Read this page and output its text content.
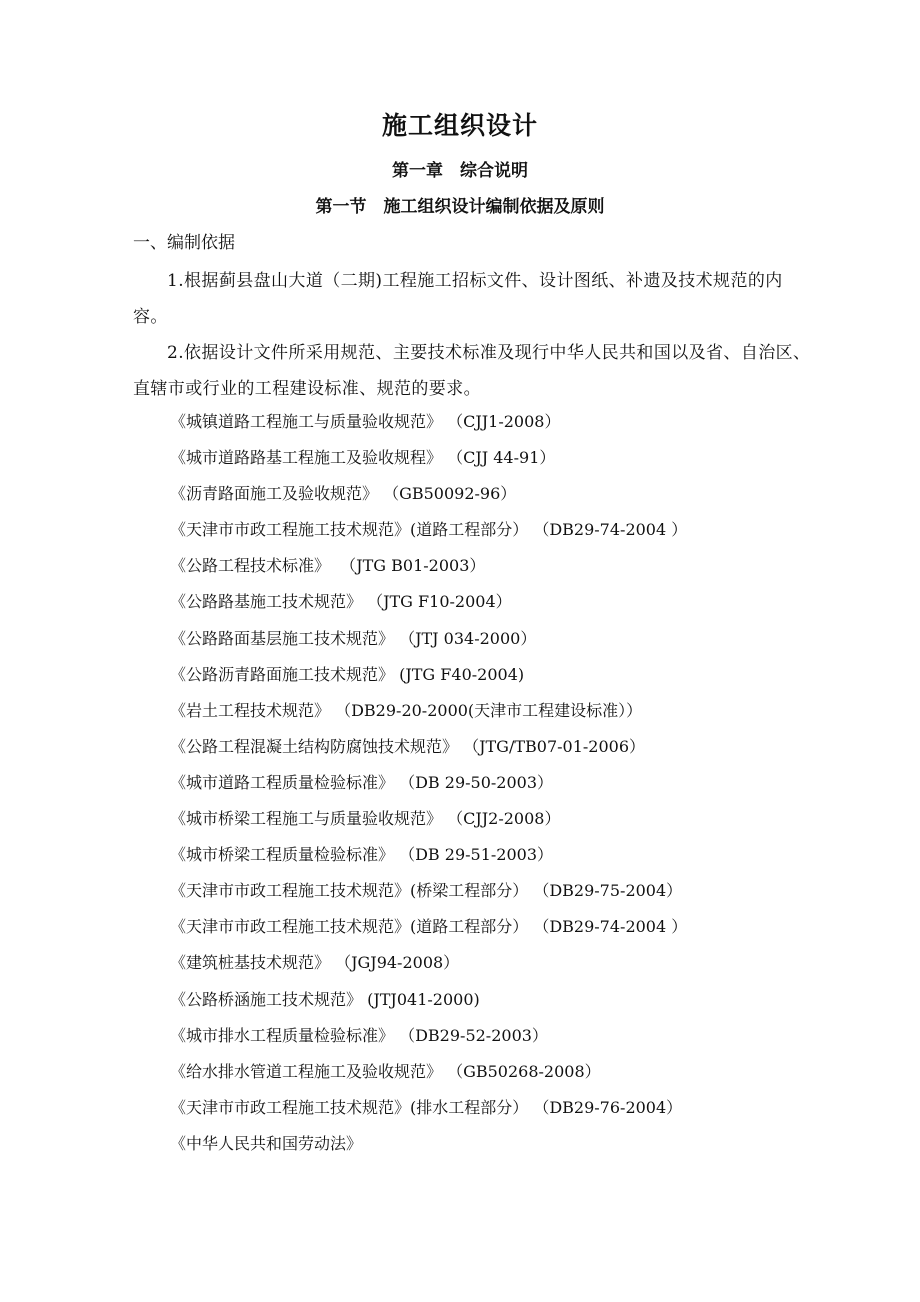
施工组织设计
第一章　综合说明
第一节　施工组织设计编制依据及原则
一、编制依据
1.根据蓟县盘山大道（二期)工程施工招标文件、设计图纸、补遗及技术规范的内容。
2.依据设计文件所采用规范、主要技术标准及现行中华人民共和国以及省、自治区、直辖市或行业的工程建设标准、规范的要求。
《城镇道路工程施工与质量验收规范》 （CJJ1-2008）
《城市道路路基工程施工及验收规程》 （CJJ 44-91）
《沥青路面施工及验收规范》 （GB50092-96）
《天津市市政工程施工技术规范》(道路工程部分） （DB29-74-2004 ）
《公路工程技术标准》  （JTG B01-2003）
《公路路基施工技术规范》 （JTG F10-2004）
《公路路面基层施工技术规范》 （JTJ 034-2000）
《公路沥青路面施工技术规范》 (JTG F40-2004)
《岩土工程技术规范》 （DB29-20-2000(天津市工程建设标准））
《公路工程混凝土结构防腐蚀技术规范》 （JTG/TB07-01-2006）
《城市道路工程质量检验标准》 （DB 29-50-2003）
《城市桥梁工程施工与质量验收规范》 （CJJ2-2008）
《城市桥梁工程质量检验标准》 （DB 29-51-2003）
《天津市市政工程施工技术规范》(桥梁工程部分） （DB29-75-2004）
《天津市市政工程施工技术规范》(道路工程部分） （DB29-74-2004 ）
《建筑桩基技术规范》 （JGJ94-2008）
《公路桥涵施工技术规范》 (JTJ041-2000)
《城市排水工程质量检验标准》 （DB29-52-2003）
《给水排水管道工程施工及验收规范》 （GB50268-2008）
《天津市市政工程施工技术规范》(排水工程部分） （DB29-76-2004）
《中华人民共和国劳动法》
